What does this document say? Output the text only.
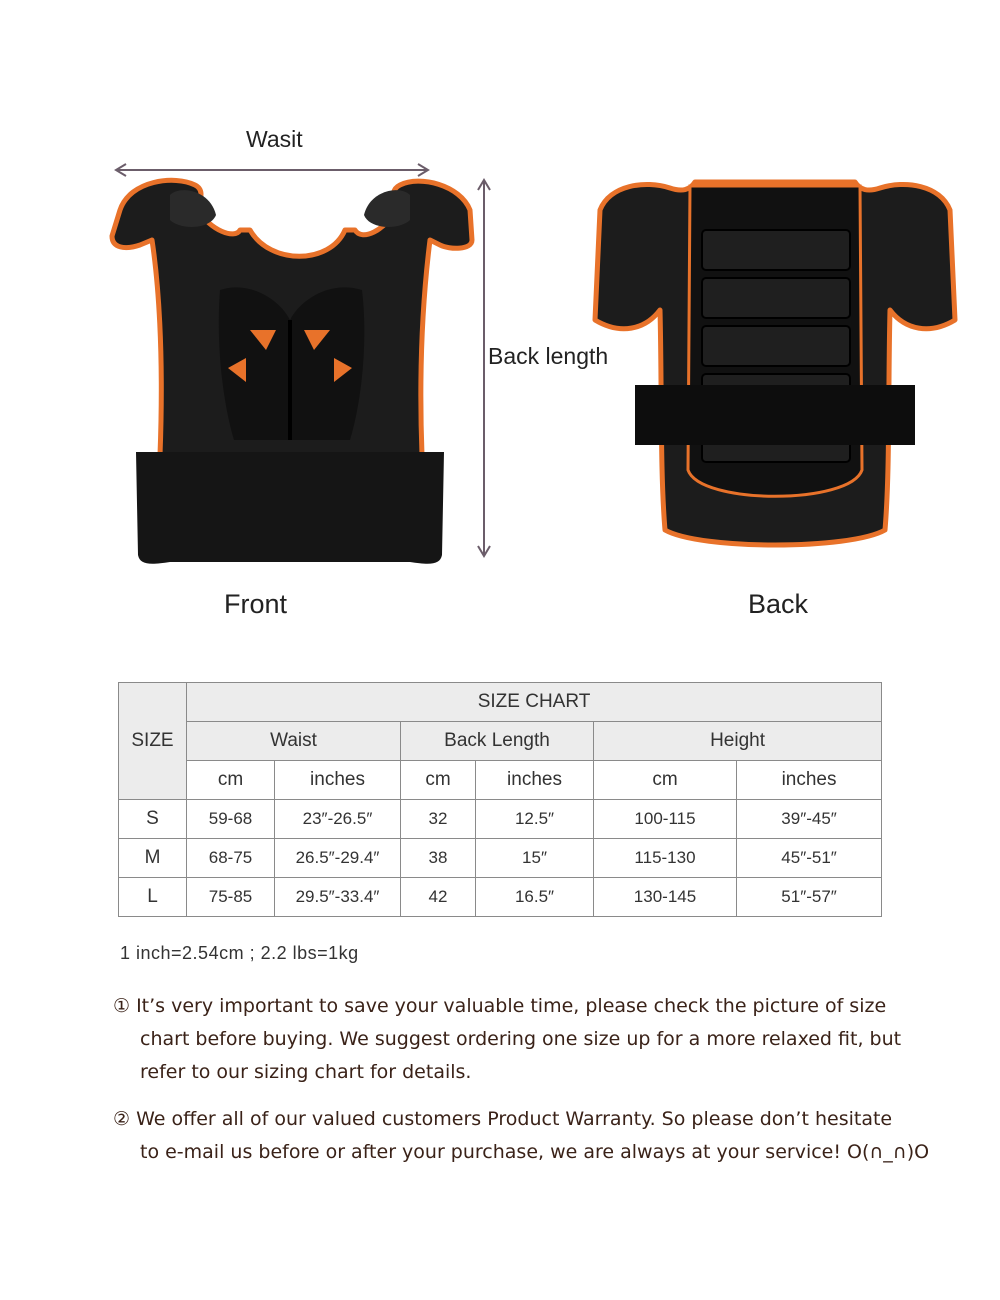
Wasit
Back length
Front	Back
SIZE	SIZE CHART					
	Waist		Back Length		Height	
	cm	inches	cm	inches	cm	inches
S	59-68	23″-26.5″	32	12.5″	100-115	39″-45″
M	68-75	26.5″-29.4″	38	15″	115-130	45″-51″
L	75-85	29.5″-33.4″	42	16.5″	130-145	51″-57″
1 inch=2.54cm ; 2.2 lbs=1kg
① It’s very important to save your valuable time, please check the picture of size
chart before buying. We suggest ordering one size up for a more relaxed fit, but
refer to our sizing chart for details.
② We offer all of our valued customers Product Warranty. So please don’t hesitate
to e-mail us before or after your purchase, we are always at your service! O(∩_∩)O
